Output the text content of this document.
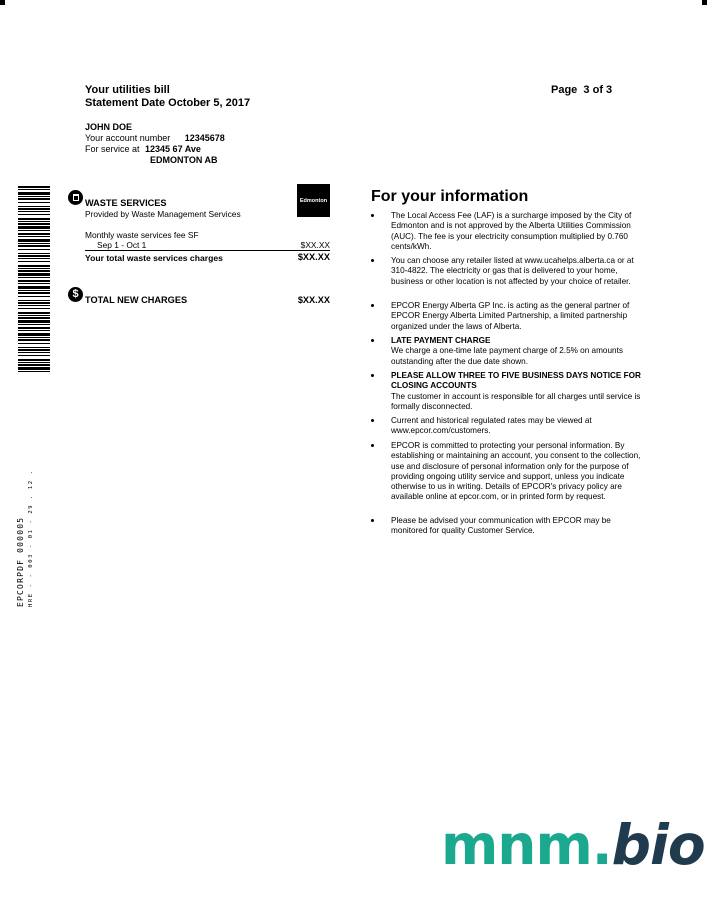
Your utilities bill
Statement Date October 5, 2017
Page 3 of 3
JOHN DOE
Your account number 12345678
For service at 12345 67 Ave
EDMONTON AB
EPCORPDF 000005 HRE - - 003 - 01 - 29 . 12 .
WASTE SERVICES
Provided by Waste Management Services
Edmonton
Monthly waste services fee SF
Sep 1 - Oct 1	$XX.XX
Your total waste services charges	$XX.XX
$ TOTAL NEW CHARGES	$XX.XX
For your information
The Local Access Fee (LAF) is a surcharge imposed by the City of Edmonton and is not approved by the Alberta Utilities Commission (AUC). The fee is your electricity consumption multiplied by 0.760 cents/kWh.
You can choose any retailer listed at www.ucahelps.alberta.ca or at 310-4822. The electricity or gas that is delivered to your home, business or other location is not affected by your choice of retailer.
EPCOR Energy Alberta GP Inc. is acting as the general partner of EPCOR Energy Alberta Limited Partnership, a limited partnership organized under the laws of Alberta.
LATE PAYMENT CHARGE
We charge a one-time late payment charge of 2.5% on amounts outstanding after the due date shown.
PLEASE ALLOW THREE TO FIVE BUSINESS DAYS NOTICE FOR CLOSING ACCOUNTS
The customer in account is responsible for all charges until service is formally disconnected.
Current and historical regulated rates may be viewed at www.epcor.com/customers.
EPCOR is committed to protecting your personal information. By establishing or maintaining an account, you consent to the collection, use and disclosure of personal information only for the purpose of providing ongoing utility service and support, unless you indicate otherwise to us in writing. Details of EPCOR's privacy policy are available online at epcor.com, or in printed form by request.
Please be advised your communication with EPCOR may be monitored for quality Customer Service.
mnm.bio
